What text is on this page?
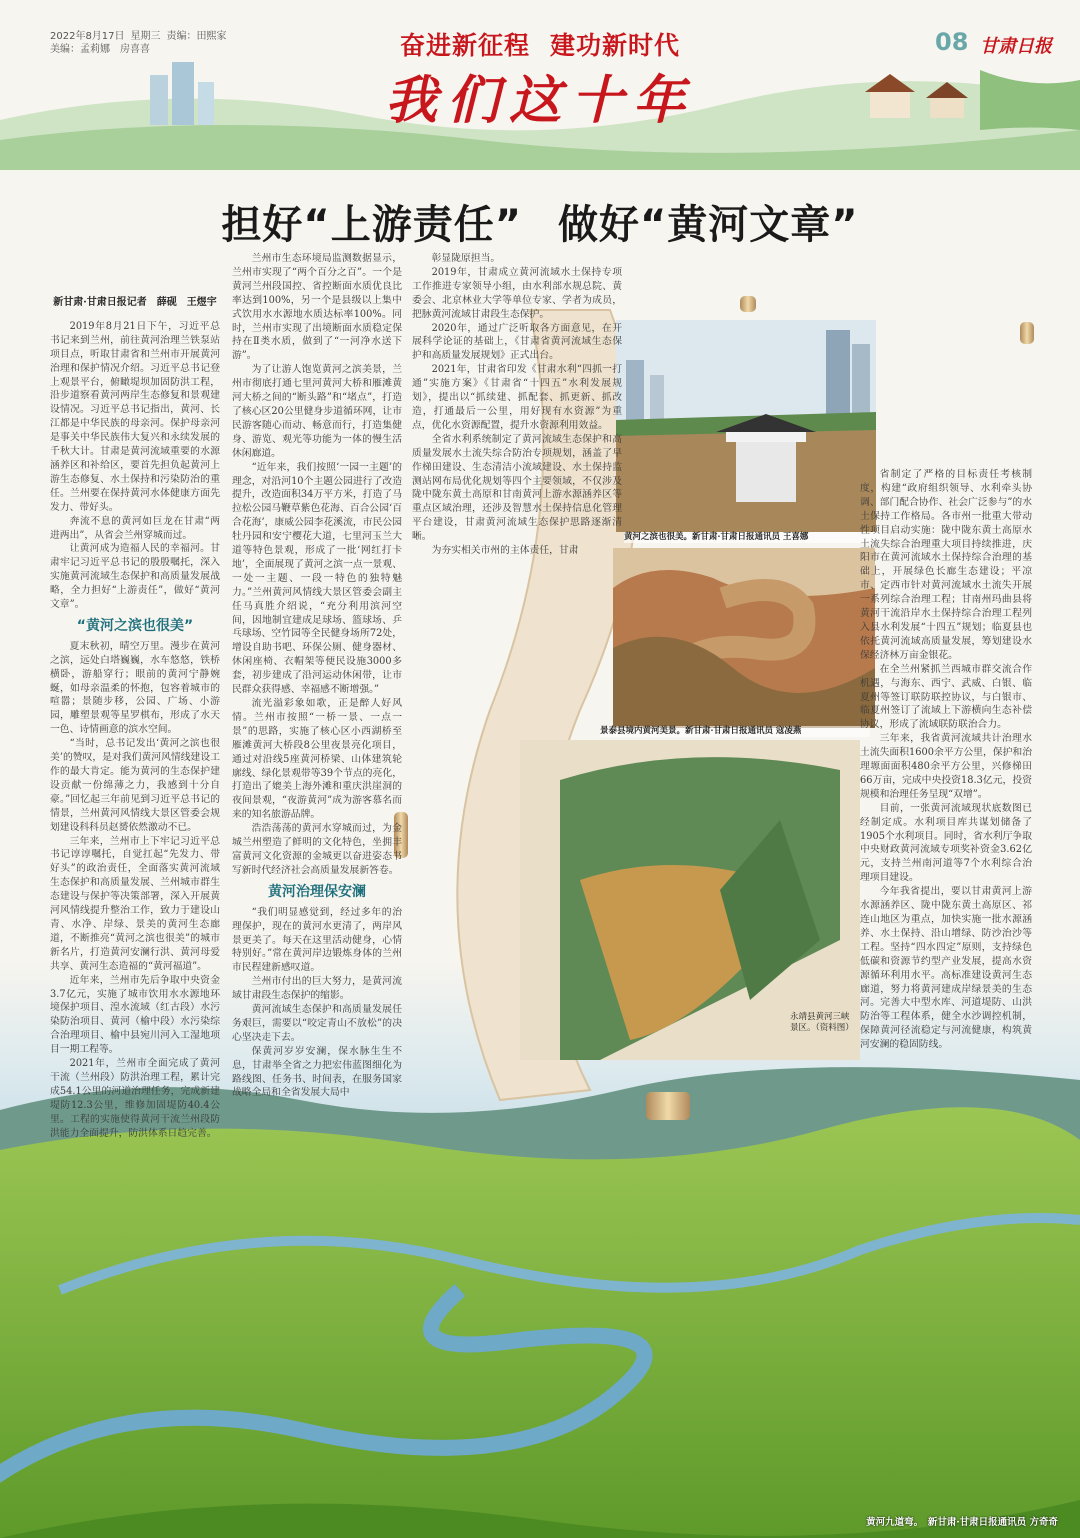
2022年8月17日 星期三 责编：田熙家
美编：孟莉娜　房喜喜	奋进新征程 建功新时代
我们这十年
08 甘肃日报
担好“上游责任” 做好“黄河文章”
黄河之滨也很美。新甘肃·甘肃日报通讯员 王喜娜
景泰县境内黄河美景。新甘肃·甘肃日报通讯员 寇凌燕
永靖县黄河三峡景区。（资料图）

新甘肃·甘肃日报记者　薛砚　王煜宇

2019年8月21日下午，习近平总书记来到兰州，前往黄河治理兰铁泵站项目点，听取甘肃省和兰州市开展黄河治理和保护情况介绍。习近平总书记登上观景平台，俯瞰堤坝加固防洪工程，沿步道察看黄河两岸生态修复和景观建设情况。习近平总书记指出，黄河、长江都是中华民族的母亲河。保护母亲河是事关中华民族伟大复兴和永续发展的千秋大计。甘肃是黄河流域重要的水源涵养区和补给区，要首先担负起黄河上游生态修复、水土保持和污染防治的重任。兰州要在保持黄河水体健康方面先发力、带好头。

奔流不息的黄河如巨龙在甘肃“两进两出”，从省会兰州穿城而过。

让黄河成为造福人民的幸福河。甘肃牢记习近平总书记的殷殷嘱托，深入实施黄河流域生态保护和高质量发展战略，全力担好“上游责任”，做好“黄河文章”。

“黄河之滨也很美”

夏末秋初，晴空万里。漫步在黄河之滨，远处白塔巍巍，水车悠悠，铁桥横卧，游船穿行；眼前的黄河宁静婉蜒，如母亲温柔的怀抱，包容着城市的喧嚣；景随步移，公园、广场、小游园，雕塑景观等星罗棋布，形成了水天一色、诗情画意的滨水空间。

“当时，总书记发出‘黄河之滨也很美’的赞叹，是对我们黄河风情线建设工作的最大肯定。能为黄河的生态保护建设贡献一份绵薄之力，我感到十分自豪。”回忆起三年前见到习近平总书记的情景，兰州黄河风情线大景区管委会规划建设科科员赵赟依然激动不已。

三年来，兰州市上下牢记习近平总书记谆谆嘱托，自觉扛起“先发力、带好头”的政治责任，全面落实黄河流域生态保护和高质量发展、兰州城市群生态建设与保护等决策部署，深入开展黄河风情线提升整治工作，致力于建设山青、水净、岸绿、景美的黄河生态廊道，不断推亮“黄河之滨也很美”的城市新名片，打造黄河安澜行洪、黄河母爱共享、黄河生态造福的“黄河福道”。

近年来，兰州市先后争取中央资金3.7亿元，实施了城市饮用水水源地环境保护项目、湟水流域（红古段）水污染防治项目、黄河（榆中段）水污染综合治理项目、榆中县宛川河入工湿地项目一期工程等。

2021年，兰州市全面完成了黄河干流（兰州段）防洪治理工程，累计完成54.1公里的河道治理任务，完成新建堤防12.3公里，维修加固堤防40.4公里。工程的实施使得黄河干流兰州段防洪能力全面提升，防洪体系日趋完善。

兰州市生态环境局监测数据显示，兰州市实现了“两个百分之百”。一个是黄河兰州段国控、省控断面水质优良比率达到100%，另一个是县级以上集中式饮用水水源地水质达标率100%。同时，兰州市实现了出境断面水质稳定保持在Ⅱ类水质，做到了“一河净水送下游”。

为了让游人饱览黄河之滨美景，兰州市彻底打通七里河黄河大桥和雁滩黄河大桥之间的“断头路”和“堵点”，打造了核心区20公里健身步道循环网，让市民游客随心而动、畅意而行，打造集健身、游览、观光等功能为一体的慢生活休闲廊道。

“近年来，我们按照‘一园一主题’的理念，对沿河10个主题公园进行了改造提升，改造面积34万平方米，打造了马拉松公园马鞭草紫色花海、百合公园‘百合花海’，康威公园李花溪流，市民公园牡丹园和安宁樱花大道，七里河玉兰大道等特色景观，形成了一批‘网红打卡地’，全面展现了黄河之滨一点一景观、一处一主题、一段一特色的独特魅力。”兰州黄河风情线大景区管委会副主任马真胜介绍说，“充分利用滨河空间，因地制宜建成足球场、篮球场、乒乓球场、空竹园等全民健身场所72处，增设自助书吧、环保公厕、健身器材、休闲座椅、衣帽架等便民设施3000多套，初步建成了沿河运动休闲带，让市民群众获得感、幸福感不断增强。”

流光溢彩象如歌，正是醉人好风情。兰州市按照“一桥一景、一点一景”的思路，实施了核心区小西湖桥至雁滩黄河大桥段8公里夜景亮化项目，通过对沿线5座黄河桥梁、山体建筑轮廓线、绿化景观带等39个节点的亮化，打造出了媲美上海外滩和重庆洪崖洞的夜间景观，“夜游黄河”成为游客慕名而来的知名旅游品牌。

浩浩荡荡的黄河水穿城而过，为金城兰州塑造了鲜明的文化特色，坐拥丰富黄河文化资源的金城更以奋进姿态书写新时代经济社会高质量发展新答卷。

黄河治理保安澜

“我们明显感觉到，经过多年的治理保护，现在的黄河水更清了，两岸风景更美了。每天在这里活动健身，心情特别好。”常在黄河岸边锻炼身体的兰州市民程建新感叹道。

兰州市付出的巨大努力，是黄河流域甘肃段生态保护的缩影。

黄河流域生态保护和高质量发展任务艰巨，需要以“咬定青山不放松”的决心坚决走下去。

保黄河岁岁安澜，保水脉生生不息，甘肃举全省之力把宏伟蓝图细化为路线图、任务书、时间表，在服务国家战略全局和全省发展大局中

彰显陇原担当。

2019年，甘肃成立黄河流域水土保持专项工作推进专家领导小组，由水利部水规总院、黄委会、北京林业大学等单位专家、学者为成员，把脉黄河流域甘肃段生态保护。

2020年，通过广泛听取各方面意见，在开展科学论证的基础上，《甘肃省黄河流域生态保护和高质量发展规划》正式出台。

2021年，甘肃省印发《甘肃水利“四抓一打通”实施方案》《甘肃省“十四五”水利发展规划》，提出以“抓续建、抓配套、抓更新、抓改造，打通最后一公里，用好现有水资源”为重点，优化水资源配置，提升水资源利用效益。

全省水利系统制定了黄河流域生态保护和高质量发展水土流失综合防治专项规划，涵盖了早作梯田建设、生态清洁小流域建设、水土保持监测站网布局优化规划等四个主要领域，不仅涉及陇中陇东黄土高原和甘南黄河上游水源涵养区等重点区域治理，还涉及智慧水土保持信息化管理平台建设，甘肃黄河流域生态保护思路逐渐清晰。

为夯实相关市州的主体责任，甘肃

省制定了严格的目标责任考核制度，构建“政府组织领导、水利牵头协调、部门配合协作、社会广泛参与”的水土保持工作格局。各市州一批重大带动性项目启动实施：陇中陇东黄土高原水土流失综合治理重大项目持续推进，庆阳市在黄河流域水土保持综合治理的基础上，开展绿色长廊生态建设；平凉市、定西市针对黄河流域水土流失开展一系列综合治理工程；甘南州玛曲县将黄河干流沿岸水土保持综合治理工程列入县水利发展“十四五”规划；临夏县也依托黄河流域高质量发展，筹划建设水保经济林万亩金银花。

在全兰州紧抓兰西城市群交流合作机遇，与海东、西宁、武威、白银、临夏州等签订联防联控协议，与白银市、临夏州签订了流域上下游横向生态补偿协议，形成了流域联防联治合力。

三年来，我省黄河流域共计治理水土流失面积1600余平方公里，保护和治理塬面面积480余平方公里，兴修梯田66万亩，完成中央投资18.3亿元，投资规模和治理任务呈现“双增”。

目前，一张黄河流域现状底数图已经制定成。水利项目库共谋划储备了1905个水利项目。同时，省水利厅争取中央财政黄河流域专项奖补资金3.62亿元，支持兰州南河道等7个水利综合治理项目建设。

今年我省提出，要以甘肃黄河上游水源涵养区、陇中陇东黄土高原区、祁连山地区为重点，加快实施一批水源涵养、水土保持、沿山增绿、防沙治沙等工程。坚持“四水四定”原则，支持绿色低碳和资源节约型产业发展，提高水资源循环利用水平。高标准建设黄河生态廊道，努力将黄河建成岸绿景美的生态河。完善大中型水库、河道堤防、山洪防治等工程体系，健全水沙调控机制，保障黄河径流稳定与河流健康，构筑黄河安澜的稳固防线。

黄河九道弯。　新甘肃·甘肃日报通讯员 方奇奇
